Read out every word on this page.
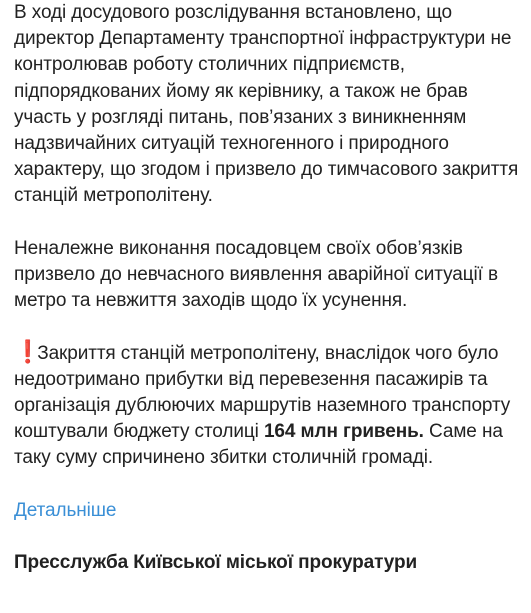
В ході досудового розслідування встановлено, що директор Департаменту транспортної інфраструктури не контролював роботу столичних підприємств, підпорядкованих йому як керівнику, а також не брав участь у розгляді питань, пов’язаних з виникненням надзвичайних ситуацій техногенного і природного характеру, що згодом і призвело до тимчасового закриття станцій метрополітену.

Неналежне виконання посадовцем своїх обов’язків призвело до невчасного виявлення аварійної ситуації в метро та невжиття заходів щодо їх усунення.

❗ Закриття станцій метрополітену, внаслідок чого було недоотримано прибутки від перевезення пасажирів та організація дублюючих маршрутів наземного транспорту коштували бюджету столиці 164 млн гривень. Саме на таку суму спричинено збитки столичній громаді.

Детальніше

Пресслужба Київської міської прокуратури
